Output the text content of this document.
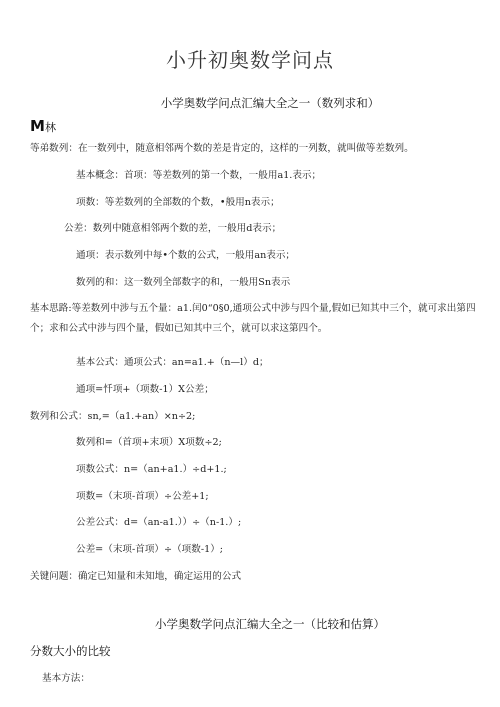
小升初奥数学问点
小学奥数学问点汇编大全之一（数列求和）
M林
等弟数列：在一数列中，随意相邻两个数的差是肯定的，这样的一列数，就叫做等差数列。
基本概念：首项：等差数列的第一个数，一般用a1.表示；
项数：等差数列的全部数的个数，•般用n表示；
公差：数列中随意相邻两个数的差，一般用d表示；
通项：表示数列中每•个数的公式，一般用an表示；
数列的和：这一数列全部数字的和，一般用Sn表示
基本思路:等差数列中涉与五个量：a1.闰0“0§0,通项公式中涉与四个量,假如已知其中三个，就可求出第四个；求和公式中涉与四个量，假如已知其中三个，就可以求这第四个。
基本公式：通项公式：an=a1.+（n—l）d；
通项=忏项+（项数-1）X公差；
数列和公式：sn,=（a1.+an）×n÷2;
数列和=（首项+末项）X项数÷2;
项数公式：n=（an+a1.）÷d+1.;
项数=（末项-首项）÷公差+1;
公差公式：d=（an-a1.））÷（n-1.）;
公差=（末项-首项）÷（项数-1）;
关键问题：确定已知量和未知地，确定运用的公式
小学奥数学问点汇编大全之一（比较和估算）
分数大小的比较
基本方法：
